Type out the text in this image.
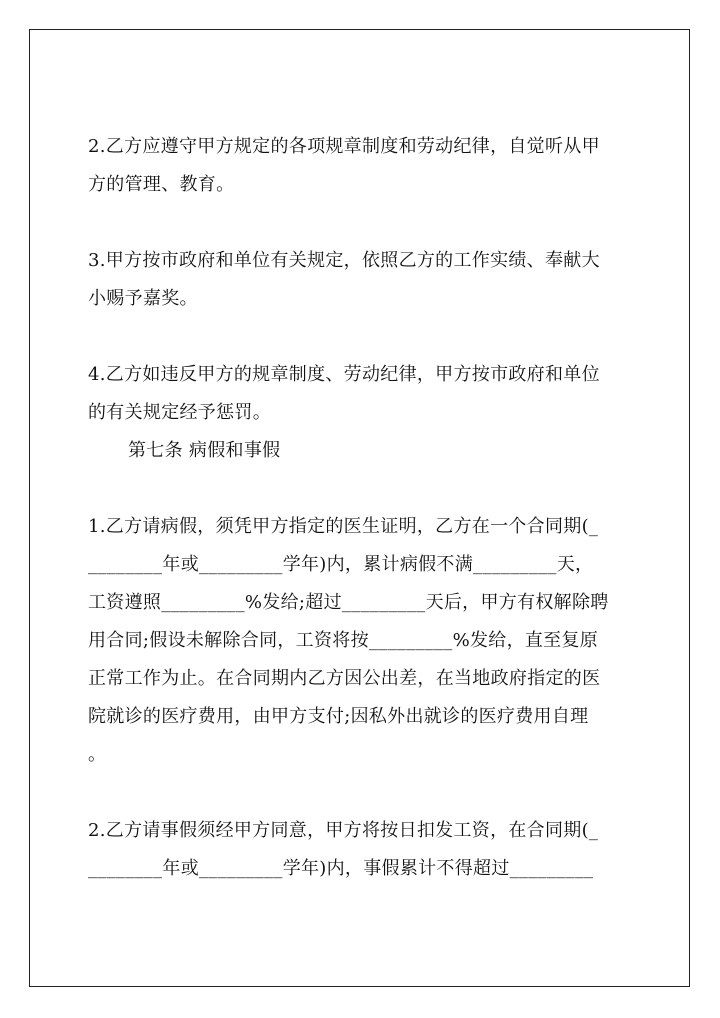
2.乙方应遵守甲方规定的各项规章制度和劳动纪律，自觉听从甲
方的管理、教育。

3.甲方按市政府和单位有关规定，依照乙方的工作实绩、奉献大
小赐予嘉奖。

4.乙方如违反甲方的规章制度、劳动纪律，甲方按市政府和单位
的有关规定经予惩罚。

第七条 病假和事假

1.乙方请病假，须凭甲方指定的医生证明，乙方在一个合同期(_
________年或_________学年)内，累计病假不满_________天，
工资遵照_________%发给;超过_________天后，甲方有权解除聘
用合同;假设未解除合同，工资将按_________%发给，直至复原
正常工作为止。在合同期内乙方因公出差，在当地政府指定的医
院就诊的医疗费用，由甲方支付;因私外出就诊的医疗费用自理
。

2.乙方请事假须经甲方同意，甲方将按日扣发工资，在合同期(_
________年或_________学年)内，事假累计不得超过_________
